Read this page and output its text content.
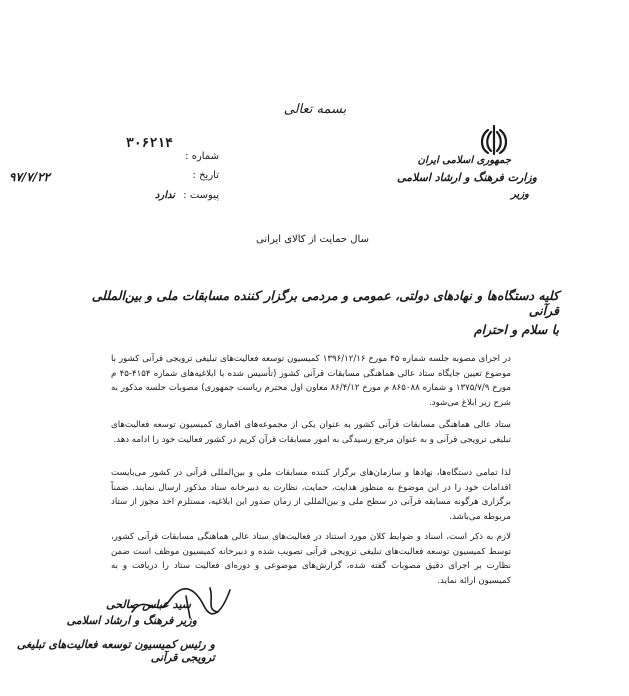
بسمه تعالی
جمهوری اسلامی ایران
وزارت فرهنگ و ارشاد اسلامی
وزیر
۳۰۶۲۱۴
شماره :
تاریخ :
۹۷/۷/۲۲
پیوست :
ندارد
سال حمایت از کالای ایرانی
کلیه دستگاه‌ها و نهادهای دولتی، عمومی و مردمی برگزار کننده مسابقات ملی و بین‌المللی قرآنی
با سلام و احترام
در اجرای مصوبه جلسه شماره ۴۵ مورخ ۱۳۹۶/۱۲/۱۶ کمیسیون توسعه فعالیت‌های تبلیغی ترویجی قرآنی کشور با موضوع تعیین جایگاه ستاد عالی هماهنگی مسابقات قرآنی کشور (تأسیس شده با ابلاغیه‌های شماره ۴۱۵۴-۴۵ م مورخ ۱۳۷۵/۷/۹ و شماره ۸۶۵۰۸۸ م مورخ ۸۶/۴/۱۲ معاون اول محترم ریاست جمهوری) مصوبات جلسه مذکور به شرح زیر ابلاغ می‌شود.
ستاد عالی هماهنگی مسابقات قرآنی کشور به عنوان یکی از مجموعه‌های اقماری کمیسیون توسعه فعالیت‌های تبلیغی ترویجی قرآنی و به عنوان مرجع رسیدگی به امور مسابقات قرآن کریم در کشور فعالیت خود را ادامه دهد.
لذا تمامی دستگاه‌ها، نهادها و سازمان‌های برگزار کننده مسابقات ملی و بین‌المللی قرآنی در کشور می‌بایست اقدامات خود را در این موضوع به منظور هدایت، حمایت، نظارت به دبیرخانه ستاد مذکور ارسال نمایند. ضمناً برگزاری هرگونه مسابقه قرآنی در سطح ملی و بین‌المللی از زمان صدور این ابلاغیه، مستلزم اخذ مجوز از ستاد مربوطه می‌باشد.
لازم به ذکر است، اسناد و ضوابط کلان مورد استناد در فعالیت‌های ستاد عالی هماهنگی مسابقات قرآنی کشور، توسط کمیسیون توسعه فعالیت‌های تبلیغی ترویجی قرآنی تصویب شده و دبیرخانه کمیسیون موظف است ضمن نظارت بر اجرای دقیق مصوبات گفته شده، گزارش‌های موضوعی و دوره‌ای فعالیت ستاد را دریافت و به کمیسیون ارائه نماید.
سید عباس صالحی
وزیر فرهنگ و ارشاد اسلامی
و رئیس کمیسیون توسعه فعالیت‌های تبلیغی ترویجی قرآنی
